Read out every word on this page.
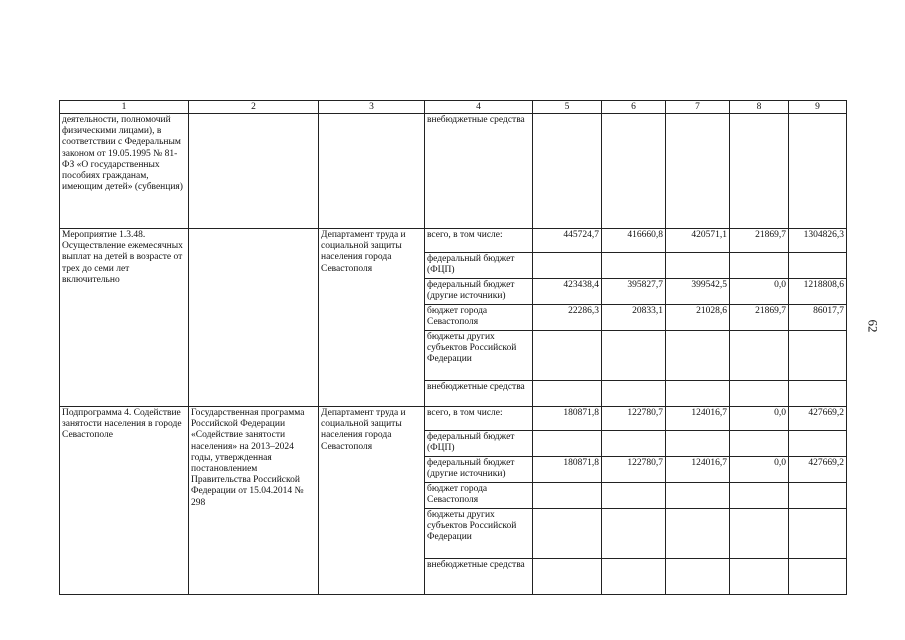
1	2	3	4	5	6	7	8	9
деятельности, полномочий физическими лицами), в соответствии с Федеральным законом от 19.05.1995 № 81-ФЗ «О государственных пособиях гражданам, имеющим детей» (субвенция)			внебюджетные средства					
Мероприятие 1.3.48. Осуществление ежемесячных выплат на детей в возрасте от трех до семи лет включительно		Департамент труда и социальной защиты населения города Севастополя	всего, в том числе:	445724,7	416660,8	420571,1	21869,7	1304826,3
			федеральный бюджет (ФЦП)					
			федеральный бюджет (другие источники)	423438,4	395827,7	399542,5	0,0	1218808,6
			бюджет города Севастополя	22286,3	20833,1	21028,6	21869,7	86017,7
			бюджеты других субъектов Российской Федерации					
			внебюджетные средства					
Подпрограмма 4. Содействие занятости населения в городе Севастополе	Государственная программа Российской Федерации «Содействие занятости населения» на 2013–2024 годы, утвержденная постановлением Правительства Российской Федерации от 15.04.2014 № 298	Департамент труда и социальной защиты населения города Севастополя	всего, в том числе:	180871,8	122780,7	124016,7	0,0	427669,2
			федеральный бюджет (ФЦП)					
			федеральный бюджет (другие источники)	180871,8	122780,7	124016,7	0,0	427669,2
			бюджет города Севастополя					
			бюджеты других субъектов Российской Федерации					
			внебюджетные средства					
62
